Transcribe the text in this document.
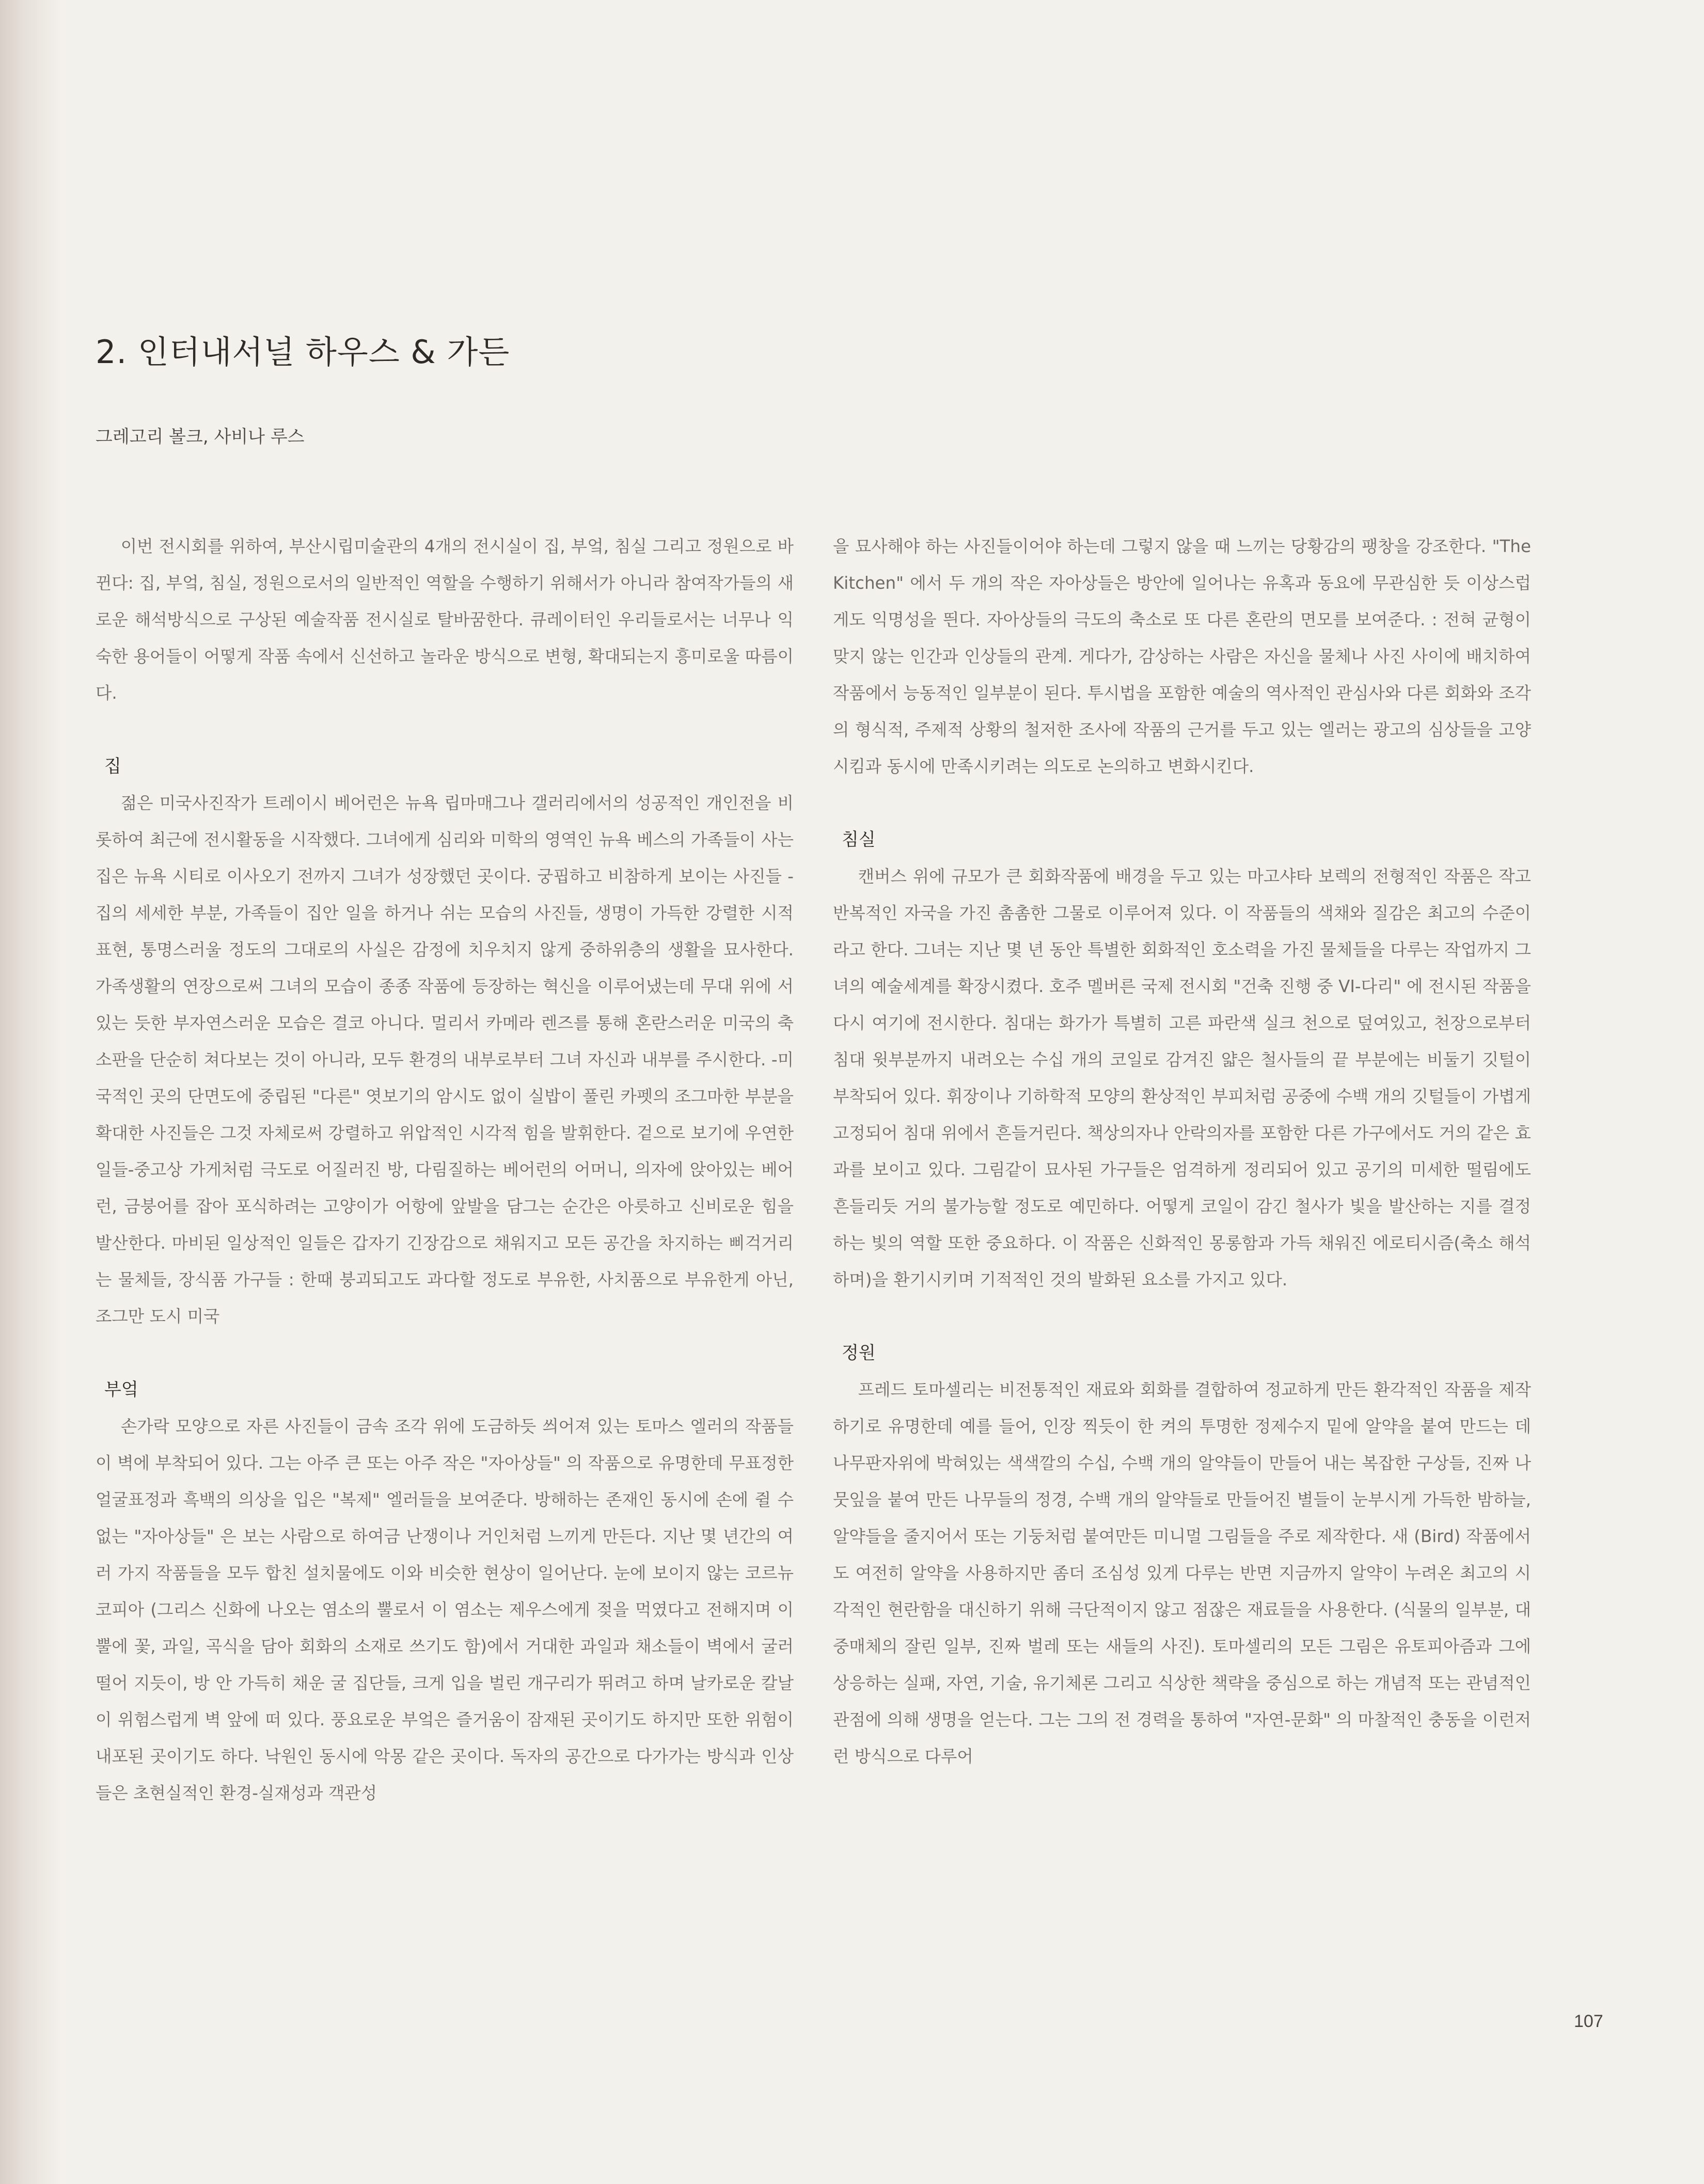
2. 인터내서널 하우스 & 가든
그레고리 볼크, 사비나 루스

이번 전시회를 위하여, 부산시립미술관의 4개의 전시실이 집, 부엌, 침실 그리고 정원으로 바뀐다: 집, 부엌, 침실, 정원으로서의 일반적인 역할을 수행하기 위해서가 아니라 참여작가들의 새로운 해석방식으로 구상된 예술작품 전시실로 탈바꿈한다. 큐레이터인 우리들로서는 너무나 익숙한 용어들이 어떻게 작품 속에서 신선하고 놀라운 방식으로 변형, 확대되는지 흥미로울 따름이다.

집

젊은 미국사진작가 트레이시 베어런은 뉴욕 립마매그나 갤러리에서의 성공적인 개인전을 비롯하여 최근에 전시활동을 시작했다. 그녀에게 심리와 미학의 영역인 뉴욕 베스의 가족들이 사는 집은 뉴욕 시티로 이사오기 전까지 그녀가 성장했던 곳이다. 궁핍하고 비참하게 보이는 사진들 - 집의 세세한 부분, 가족들이 집안 일을 하거나 쉬는 모습의 사진들, 생명이 가득한 강렬한 시적 표현, 통명스러울 정도의 그대로의 사실은 감정에 치우치지 않게 중하위층의 생활을 묘사한다. 가족생활의 연장으로써 그녀의 모습이 종종 작품에 등장하는 혁신을 이루어냈는데 무대 위에 서 있는 듯한 부자연스러운 모습은 결코 아니다. 멀리서 카메라 렌즈를 통해 혼란스러운 미국의 축소판을 단순히 쳐다보는 것이 아니라, 모두 환경의 내부로부터 그녀 자신과 내부를 주시한다. -미국적인 곳의 단면도에 중립된 "다른" 엿보기의 암시도 없이 실밥이 풀린 카펫의 조그마한 부분을 확대한 사진들은 그것 자체로써 강렬하고 위압적인 시각적 힘을 발휘한다. 겉으로 보기에 우연한 일들-중고상 가게처럼 극도로 어질러진 방, 다림질하는 베어런의 어머니, 의자에 앉아있는 베어런, 금붕어를 잡아 포식하려는 고양이가 어항에 앞발을 담그는 순간은 아릇하고 신비로운 힘을 발산한다. 마비된 일상적인 일들은 갑자기 긴장감으로 채워지고 모든 공간을 차지하는 삐걱거리는 물체들, 장식품 가구들 : 한때 붕괴되고도 과다할 정도로 부유한, 사치품으로 부유한게 아닌, 조그만 도시 미국

부엌

손가락 모양으로 자른 사진들이 금속 조각 위에 도금하듯 씌어져 있는 토마스 엘러의 작품들이 벽에 부착되어 있다. 그는 아주 큰 또는 아주 작은 "자아상들" 의 작품으로 유명한데 무표정한 얼굴표정과 흑백의 의상을 입은 "복제" 엘러들을 보여준다. 방해하는 존재인 동시에 손에 쥘 수 없는 "자아상들" 은 보는 사람으로 하여금 난쟁이나 거인처럼 느끼게 만든다. 지난 몇 년간의 여러 가지 작품들을 모두 합친 설치물에도 이와 비슷한 현상이 일어난다. 눈에 보이지 않는 코르뉴코피아 (그리스 신화에 나오는 염소의 뿔로서 이 염소는 제우스에게 젖을 먹였다고 전해지며 이 뿔에 꽃, 과일, 곡식을 담아 회화의 소재로 쓰기도 함)에서 거대한 과일과 채소들이 벽에서 굴러 떨어 지듯이, 방 안 가득히 채운 굴 집단들, 크게 입을 벌린 개구리가 뛰려고 하며 날카로운 칼날이 위험스럽게 벽 앞에 떠 있다. 풍요로운 부엌은 즐거움이 잠재된 곳이기도 하지만 또한 위험이 내포된 곳이기도 하다. 낙원인 동시에 악몽 같은 곳이다. 독자의 공간으로 다가가는 방식과 인상들은 초현실적인 환경-실재성과 객관성

을 묘사해야 하는 사진들이어야 하는데 그렇지 않을 때 느끼는 당황감의 팽창을 강조한다. "The Kitchen" 에서 두 개의 작은 자아상들은 방안에 일어나는 유혹과 동요에 무관심한 듯 이상스럽게도 익명성을 띈다. 자아상들의 극도의 축소로 또 다른 혼란의 면모를 보여준다. : 전혀 균형이 맞지 않는 인간과 인상들의 관계. 게다가, 감상하는 사람은 자신을 물체나 사진 사이에 배치하여 작품에서 능동적인 일부분이 된다. 투시법을 포함한 예술의 역사적인 관심사와 다른 회화와 조각의 형식적, 주제적 상황의 철저한 조사에 작품의 근거를 두고 있는 엘러는 광고의 심상들을 고양시킴과 동시에 만족시키려는 의도로 논의하고 변화시킨다.

침실

캔버스 위에 규모가 큰 회화작품에 배경을 두고 있는 마고샤타 보렉의 전형적인 작품은 작고 반복적인 자국을 가진 촘촘한 그물로 이루어져 있다. 이 작품들의 색채와 질감은 최고의 수준이라고 한다. 그녀는 지난 몇 년 동안 특별한 회화적인 호소력을 가진 물체들을 다루는 작업까지 그녀의 예술세계를 확장시켰다. 호주 멜버른 국제 전시회 "건축 진행 중 VI-다리" 에 전시된 작품을 다시 여기에 전시한다. 침대는 화가가 특별히 고른 파란색 실크 천으로 덮여있고, 천장으로부터 침대 윗부분까지 내려오는 수십 개의 코일로 감겨진 얇은 철사들의 끝 부분에는 비둘기 깃털이 부착되어 있다. 휘장이나 기하학적 모양의 환상적인 부피처럼 공중에 수백 개의 깃털들이 가볍게 고정되어 침대 위에서 흔들거린다. 책상의자나 안락의자를 포함한 다른 가구에서도 거의 같은 효과를 보이고 있다. 그림같이 묘사된 가구들은 엄격하게 정리되어 있고 공기의 미세한 떨림에도 흔들리듯 거의 불가능할 정도로 예민하다. 어떻게 코일이 감긴 철사가 빛을 발산하는 지를 결정하는 빛의 역할 또한 중요하다. 이 작품은 신화적인 몽롱함과 가득 채워진 에로티시즘(축소 해석하며)을 환기시키며 기적적인 것의 발화된 요소를 가지고 있다.

정원

프레드 토마셀리는 비전통적인 재료와 회화를 결합하여 정교하게 만든 환각적인 작품을 제작하기로 유명한데 예를 들어, 인장 찍듯이 한 켜의 투명한 정제수지 밑에 알약을 붙여 만드는 데 나무판자위에 박혀있는 색색깔의 수십, 수백 개의 알약들이 만들어 내는 복잡한 구상들, 진짜 나뭇잎을 붙여 만든 나무들의 정경, 수백 개의 알약들로 만들어진 별들이 눈부시게 가득한 밤하늘, 알약들을 줄지어서 또는 기둥처럼 붙여만든 미니멀 그림들을 주로 제작한다. 새 (Bird) 작품에서도 여전히 알약을 사용하지만 좀더 조심성 있게 다루는 반면 지금까지 알약이 누려온 최고의 시각적인 현란함을 대신하기 위해 극단적이지 않고 점잖은 재료들을 사용한다. (식물의 일부분, 대중매체의 잘린 일부, 진짜 벌레 또는 새들의 사진). 토마셀리의 모든 그림은 유토피아즘과 그에 상응하는 실패, 자연, 기술, 유기체론 그리고 식상한 책략을 중심으로 하는 개념적 또는 관념적인 관점에 의해 생명을 얻는다. 그는 그의 전 경력을 통하여 "자연-문화" 의 마찰적인 충동을 이런저런 방식으로 다루어

107
